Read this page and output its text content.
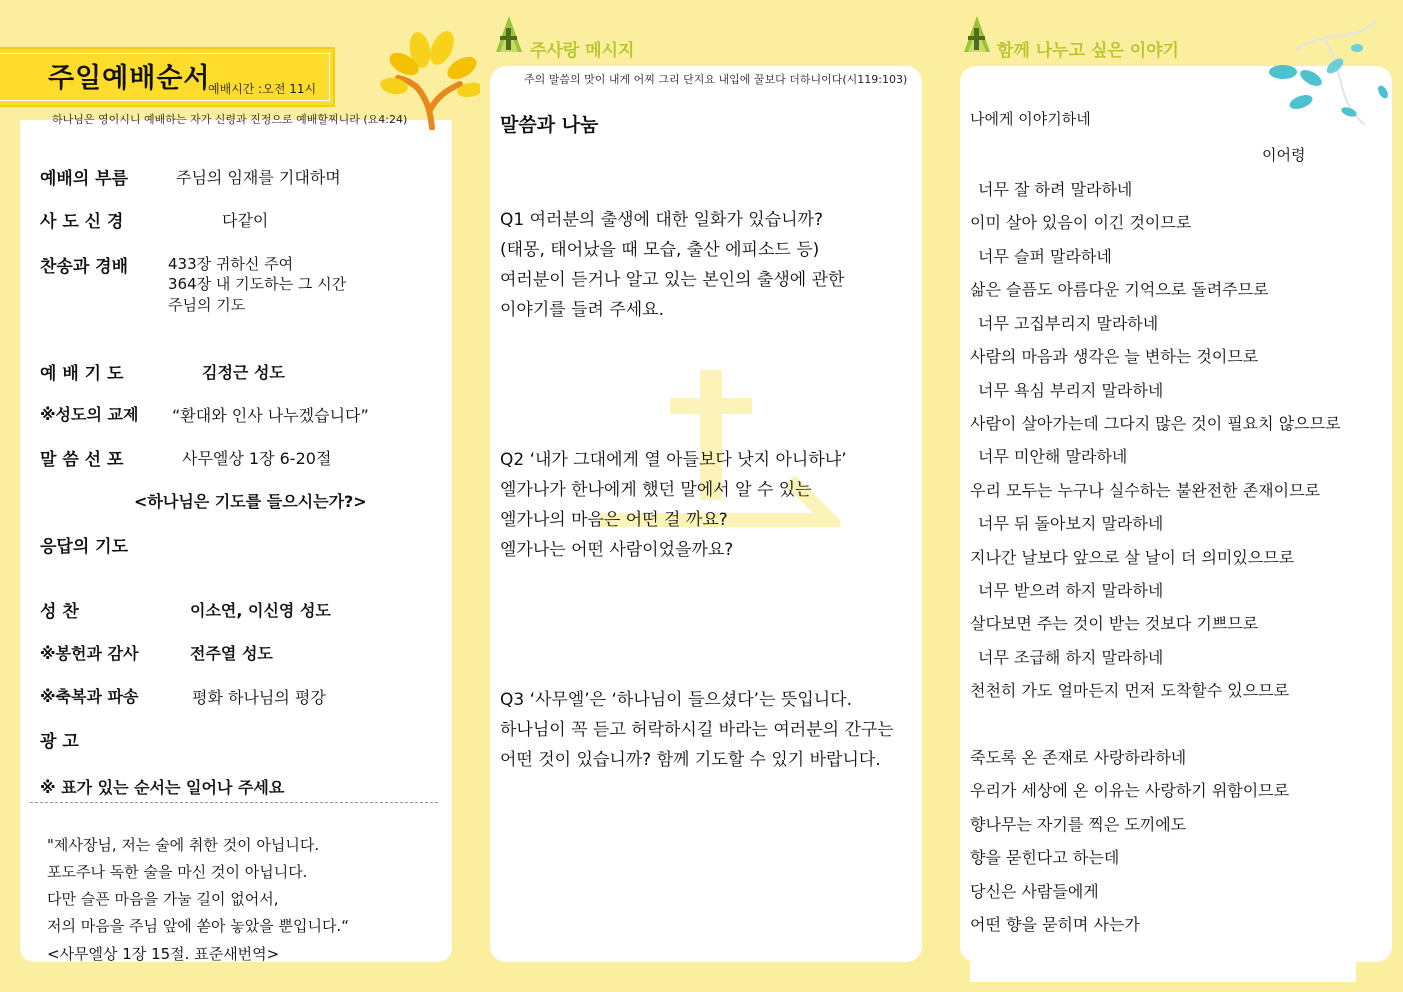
주일예배순서
예배시간 :오전 11시
하나님은 영이시니 예배하는 자가 신령과 진정으로 예배할찌니라 (요4:24)
예배의 부름	주님의 임재를 기대하며
사 도 신 경	다같이
찬송과 경배	433장 귀하신 주여
364장 내 기도하는 그 시간
주님의 기도
예 배 기 도	김정근 성도
※성도의 교제 “환대와 인사 나누겠습니다”
말 씀 선 포	사무엘상 1장 6-20절
<하나님은 기도를 들으시는가?>
응답의 기도
성 찬	이소연, 이신영 성도
※봉헌과 감사	전주열 성도
※축복과 파송	평화 하나님의 평강
광 고
※ 표가 있는 순서는 일어나 주세요
"제사장님, 저는 술에 취한 것이 아닙니다.
포도주나 독한 술을 마신 것이 아닙니다.
다만 슬픈 마음을 가눌 길이 없어서,
저의 마음을 주님 앞에 쏟아 놓았을 뿐입니다.“
<사무엘상 1장 15절. 표준새번역>
주사랑 메시지
주의 말씀의 맛이 내게 어찌 그리 단지요 내입에 꿀보다 더하니이다(시119:103)
말씀과 나눔
Q1 여러분의 출생에 대한 일화가 있습니까?
(태몽, 태어났을 때 모습, 출산 에피소드 등)
여러분이 듣거나 알고 있는 본인의 출생에 관한
이야기를 들려 주세요.
Q2 ‘내가 그대에게 열 아들보다 낫지 아니하냐’
엘가나가 한나에게 했던 말에서 알 수 있는
엘가나의 마음은 어떤 걸 까요?
엘가나는 어떤 사람이었을까요?
Q3 ‘사무엘’은 ‘하나님이 들으셨다’는 뜻입니다.
하나님이 꼭 듣고 허락하시길 바라는 여러분의 간구는
어떤 것이 있습니까? 함께 기도할 수 있기 바랍니다.
함께 나누고 싶은 이야기
나에게 이야기하네
이어령
너무 잘 하려 말라하네
이미 살아 있음이 이긴 것이므로
너무 슬퍼 말라하네
삶은 슬픔도 아름다운 기억으로 돌려주므로
너무 고집부리지 말라하네
사람의 마음과 생각은 늘 변하는 것이므로
너무 욕심 부리지 말라하네
사람이 살아가는데 그다지 많은 것이 필요치 않으므로
너무 미안해 말라하네
우리 모두는 누구나 실수하는 불완전한 존재이므로
너무 뒤 돌아보지 말라하네
지나간 날보다 앞으로 살 날이 더 의미있으므로
너무 받으려 하지 말라하네
살다보면 주는 것이 받는 것보다 기쁘므로
너무 조급해 하지 말라하네
천천히 가도 얼마든지 먼저 도착할수 있으므로
죽도록 온 존재로 사랑하라하네
우리가 세상에 온 이유는 사랑하기 위함이므로
향나무는 자기를 찍은 도끼에도
향을 묻힌다고 하는데
당신은 사람들에게
어떤 향을 묻히며 사는가
